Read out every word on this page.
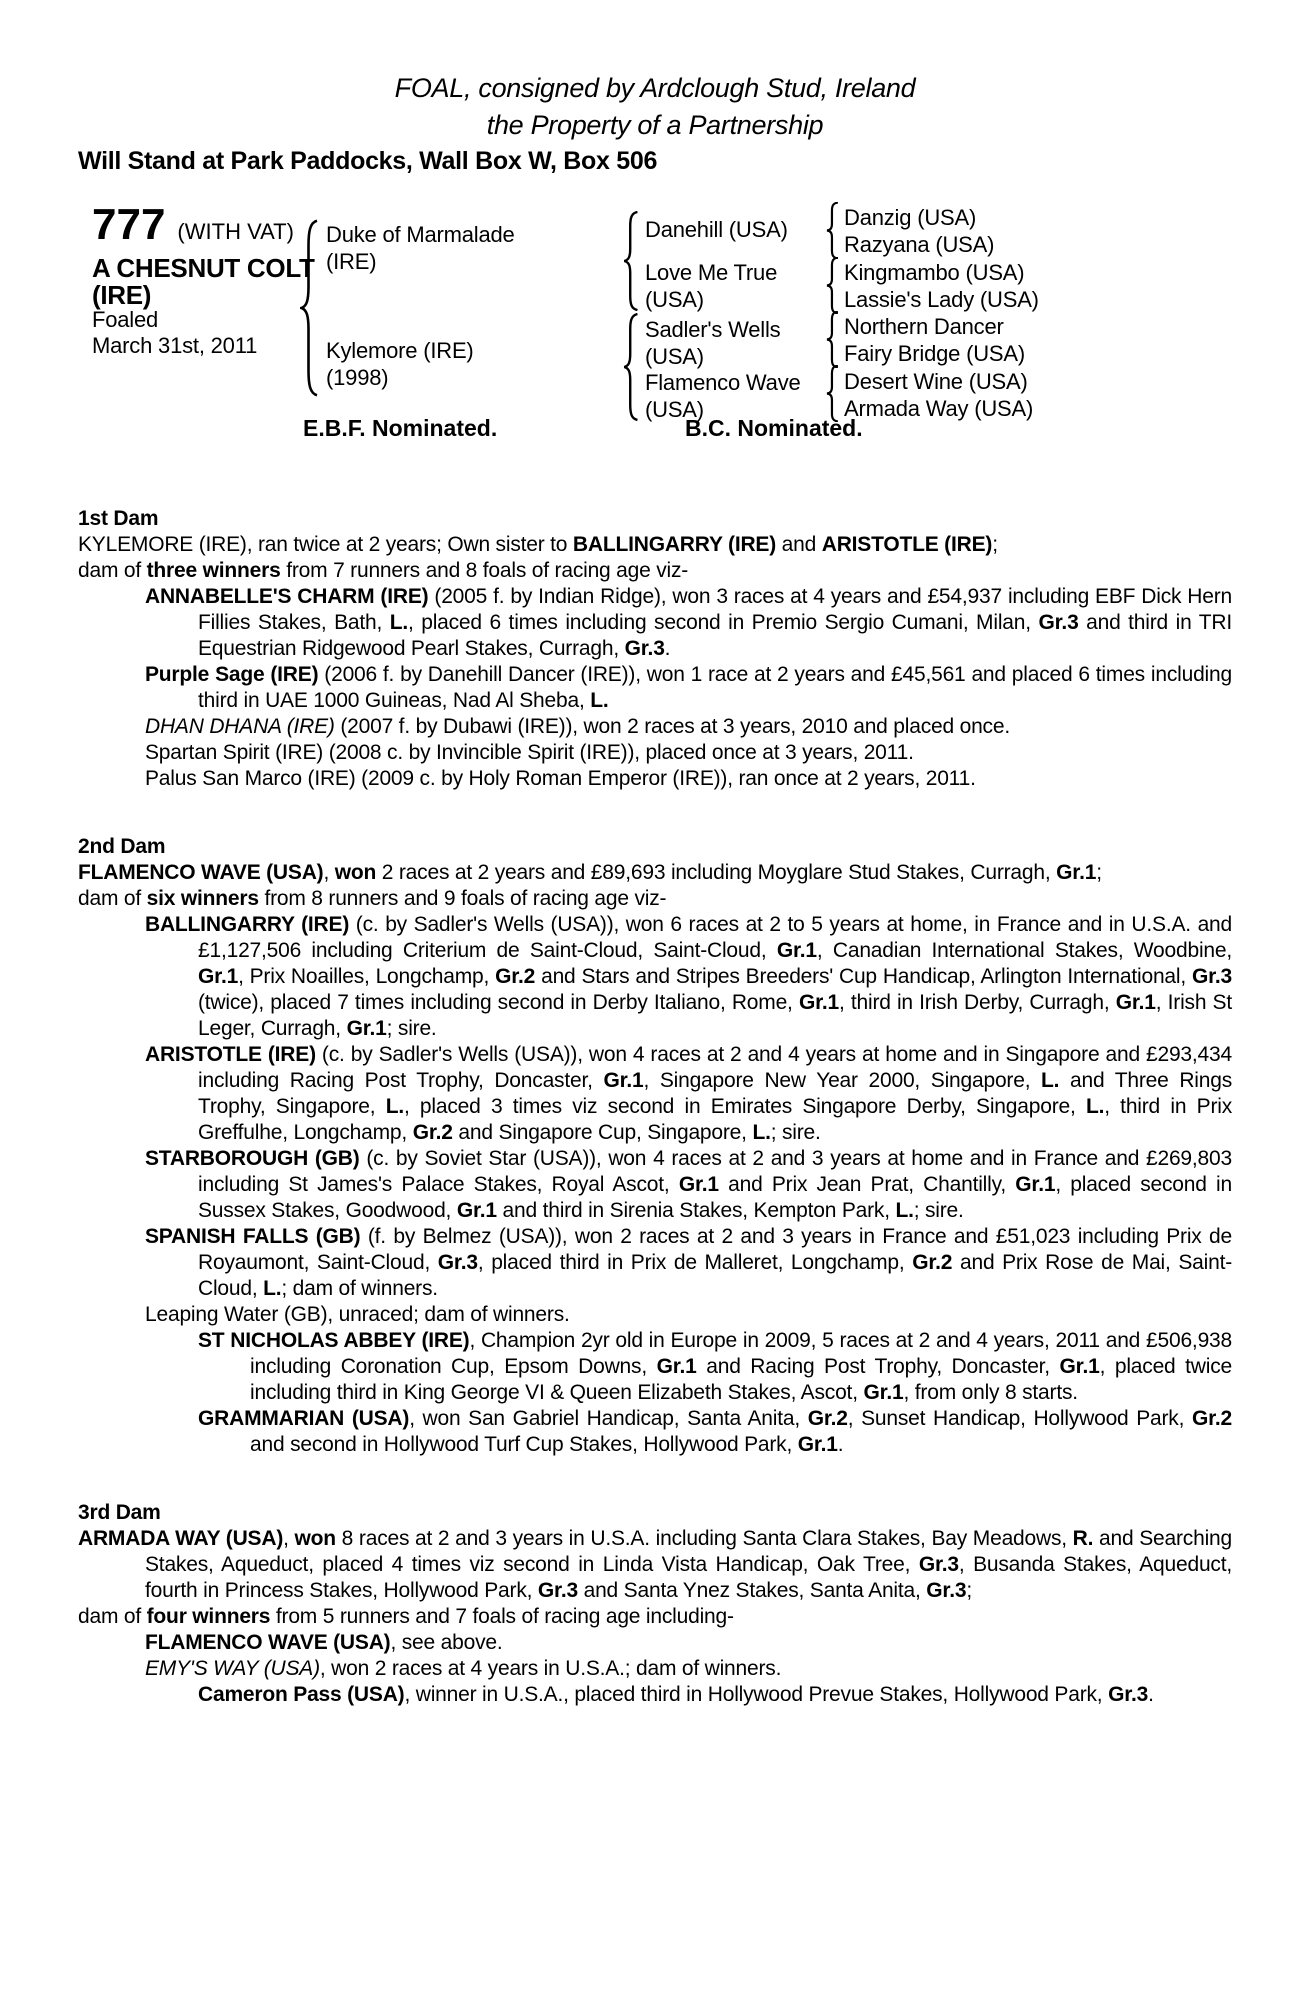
FOAL, consigned by Ardclough Stud, Ireland
the Property of a Partnership
Will Stand at Park Paddocks, Wall Box W, Box 506
777 (WITH VAT)
A CHESNUT COLT
(IRE)
Foaled
March 31st, 2011
Duke of Marmalade
(IRE)
Kylemore (IRE)
(1998)
Danehill (USA)
Love Me True
(USA)
Sadler's Wells
(USA)
Flamenco Wave
(USA)
Danzig (USA)
Razyana (USA)
Kingmambo (USA)
Lassie's Lady (USA)
Northern Dancer
Fairy Bridge (USA)
Desert Wine (USA)
Armada Way (USA)
E.B.F. Nominated.	B.C. Nominated.
1st Dam

KYLEMORE (IRE), ran twice at 2 years; Own sister to BALLINGARRY (IRE) and ARISTOTLE (IRE);

dam of three winners from 7 runners and 8 foals of racing age viz-

ANNABELLE'S CHARM (IRE) (2005 f. by Indian Ridge), won 3 races at 4 years and £54,937 including EBF Dick Hern Fillies Stakes, Bath, L., placed 6 times including second in Premio Sergio Cumani, Milan, Gr.3 and third in TRI Equestrian Ridgewood Pearl Stakes, Curragh, Gr.3.

Purple Sage (IRE) (2006 f. by Danehill Dancer (IRE)), won 1 race at 2 years and £45,561 and placed 6 times including third in UAE 1000 Guineas, Nad Al Sheba, L.

DHAN DHANA (IRE) (2007 f. by Dubawi (IRE)), won 2 races at 3 years, 2010 and placed once.

Spartan Spirit (IRE) (2008 c. by Invincible Spirit (IRE)), placed once at 3 years, 2011.

Palus San Marco (IRE) (2009 c. by Holy Roman Emperor (IRE)), ran once at 2 years, 2011.

2nd Dam

FLAMENCO WAVE (USA), won 2 races at 2 years and £89,693 including Moyglare Stud Stakes, Curragh, Gr.1;

dam of six winners from 8 runners and 9 foals of racing age viz-

BALLINGARRY (IRE) (c. by Sadler's Wells (USA)), won 6 races at 2 to 5 years at home, in France and in U.S.A. and £1,127,506 including Criterium de Saint-Cloud, Saint-Cloud, Gr.1, Canadian International Stakes, Woodbine, Gr.1, Prix Noailles, Longchamp, Gr.2 and Stars and Stripes Breeders' Cup Handicap, Arlington International, Gr.3 (twice), placed 7 times including second in Derby Italiano, Rome, Gr.1, third in Irish Derby, Curragh, Gr.1, Irish St Leger, Curragh, Gr.1; sire.

ARISTOTLE (IRE) (c. by Sadler's Wells (USA)), won 4 races at 2 and 4 years at home and in Singapore and £293,434 including Racing Post Trophy, Doncaster, Gr.1, Singapore New Year 2000, Singapore, L. and Three Rings Trophy, Singapore, L., placed 3 times viz second in Emirates Singapore Derby, Singapore, L., third in Prix Greffulhe, Longchamp, Gr.2 and Singapore Cup, Singapore, L.; sire.

STARBOROUGH (GB) (c. by Soviet Star (USA)), won 4 races at 2 and 3 years at home and in France and £269,803 including St James's Palace Stakes, Royal Ascot, Gr.1 and Prix Jean Prat, Chantilly, Gr.1, placed second in Sussex Stakes, Goodwood, Gr.1 and third in Sirenia Stakes, Kempton Park, L.; sire.

SPANISH FALLS (GB) (f. by Belmez (USA)), won 2 races at 2 and 3 years in France and £51,023 including Prix de Royaumont, Saint-Cloud, Gr.3, placed third in Prix de Malleret, Longchamp, Gr.2 and Prix Rose de Mai, Saint-Cloud, L.; dam of winners.

Leaping Water (GB), unraced; dam of winners.

ST NICHOLAS ABBEY (IRE), Champion 2yr old in Europe in 2009, 5 races at 2 and 4 years, 2011 and £506,938 including Coronation Cup, Epsom Downs, Gr.1 and Racing Post Trophy, Doncaster, Gr.1, placed twice including third in King George VI & Queen Elizabeth Stakes, Ascot, Gr.1, from only 8 starts.

GRAMMARIAN (USA), won San Gabriel Handicap, Santa Anita, Gr.2, Sunset Handicap, Hollywood Park, Gr.2 and second in Hollywood Turf Cup Stakes, Hollywood Park, Gr.1.

3rd Dam

ARMADA WAY (USA), won 8 races at 2 and 3 years in U.S.A. including Santa Clara Stakes, Bay Meadows, R. and Searching Stakes, Aqueduct, placed 4 times viz second in Linda Vista Handicap, Oak Tree, Gr.3, Busanda Stakes, Aqueduct, fourth in Princess Stakes, Hollywood Park, Gr.3 and Santa Ynez Stakes, Santa Anita, Gr.3;

dam of four winners from 5 runners and 7 foals of racing age including-

FLAMENCO WAVE (USA), see above.

EMY'S WAY (USA), won 2 races at 4 years in U.S.A.; dam of winners.

Cameron Pass (USA), winner in U.S.A., placed third in Hollywood Prevue Stakes, Hollywood Park, Gr.3.
